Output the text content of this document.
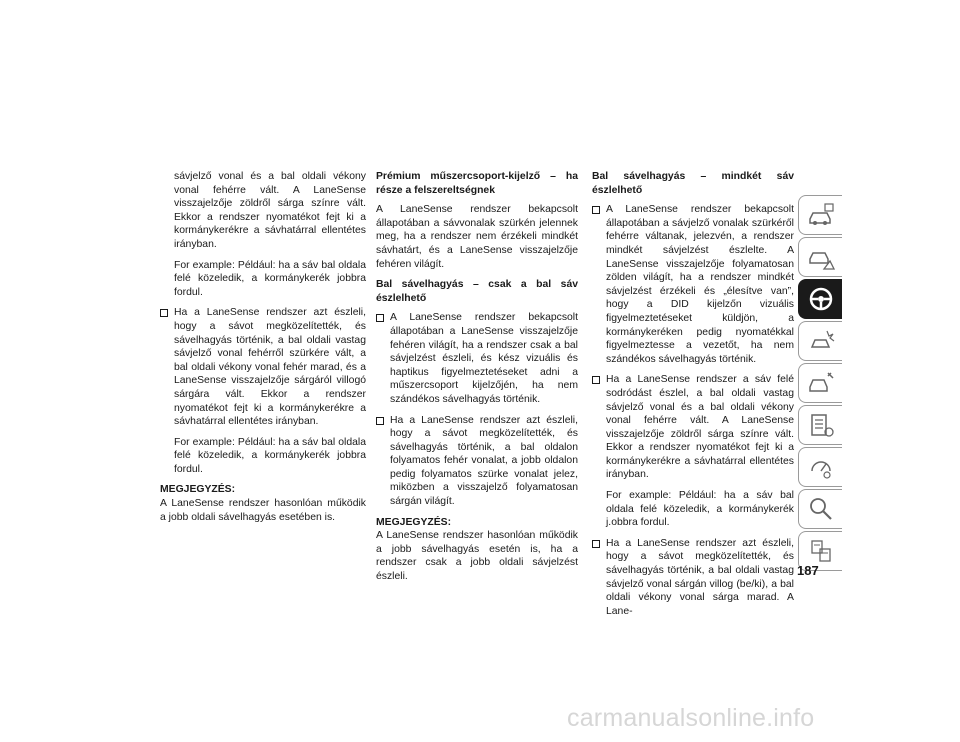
sávjelző vonal és a bal oldali vékony vonal fehérre vált. A LaneSense visszajelzője zöldről sárga színre vált. Ekkor a rendszer nyomatékot fejt ki a kormánykerékre a sávhatárral ellentétes irányban.

For example: Például: ha a sáv bal oldala felé közeledik, a kormánykerék jobbra fordul.

Ha a LaneSense rendszer azt észleli, hogy a sávot megközelítették, és sávelhagyás történik, a bal oldali vastag sávjelző vonal fehérről szürkére vált, a bal oldali vékony vonal fehér marad, és a LaneSense visszajelzője sárgáról villogó sárgára vált. Ekkor a rendszer nyomatékot fejt ki a kormánykerékre a sávhatárral ellentétes irányban.

For example: Például: ha a sáv bal oldala felé közeledik, a kormánykerék jobbra fordul.

MEGJEGYZÉS:

A LaneSense rendszer hasonlóan működik a jobb oldali sávelhagyás esetében is.

Prémium műszercsoport-kijelző – ha része a felszereltségnek

A LaneSense rendszer bekapcsolt állapotában a sávvonalak szürkén jelennek meg, ha a rendszer nem érzékeli mindkét sávhatárt, és a LaneSense visszajelzője fehéren világít.

Bal sávelhagyás – csak a bal sáv észlelhető

A LaneSense rendszer bekapcsolt állapotában a LaneSense visszajelzője fehéren világít, ha a rendszer csak a bal sávjelzést észleli, és kész vizuális és haptikus figyelmeztetéseket adni a műszercsoport kijelzőjén, ha nem szándékos sávelhagyás történik.
Ha a LaneSense rendszer azt észleli, hogy a sávot megközelítették, és sávelhagyás történik, a bal oldalon folyamatos fehér vonalat, a jobb oldalon pedig folyamatos szürke vonalat jelez, miközben a visszajelző folyamatosan sárgán világít.

MEGJEGYZÉS:

A LaneSense rendszer hasonlóan működik a jobb sávelhagyás esetén is, ha a rendszer csak a jobb oldali sávjelzést észleli.

Bal sávelhagyás – mindkét sáv észlelhető

A LaneSense rendszer bekapcsolt állapotában a sávjelző vonalak szürkéről fehérre váltanak, jelezvén, a rendszer mindkét sávjelzést észlelte. A LaneSense visszajelzője folyamatosan zölden világít, ha a rendszer mindkét sávjelzést érzékeli és „élesítve van”, hogy a DID kijelzőn vizuális figyelmeztetéseket küldjön, a kormánykeréken pedig nyomatékkal figyelmeztesse a vezetőt, ha nem szándékos sávelhagyás történik.
Ha a LaneSense rendszer a sáv felé sodródást észlel, a bal oldali vastag sávjelző vonal és a bal oldali vékony vonal fehérre vált. A LaneSense visszajelzője zöldről sárga színre vált. Ekkor a rendszer nyomatékot fejt ki a kormánykerékre a sávhatárral ellentétes irányban.

For example: Például: ha a sáv bal oldala felé közeledik, a kormánykerék j.obbra fordul.

Ha a LaneSense rendszer azt észleli, hogy a sávot megközelítették, és sávelhagyás történik, a bal oldali vastag sávjelző vonal sárgán villog (be/ki), a bal oldali vékony vonal sárga marad. A Lane-
187
carmanualsonline.info
